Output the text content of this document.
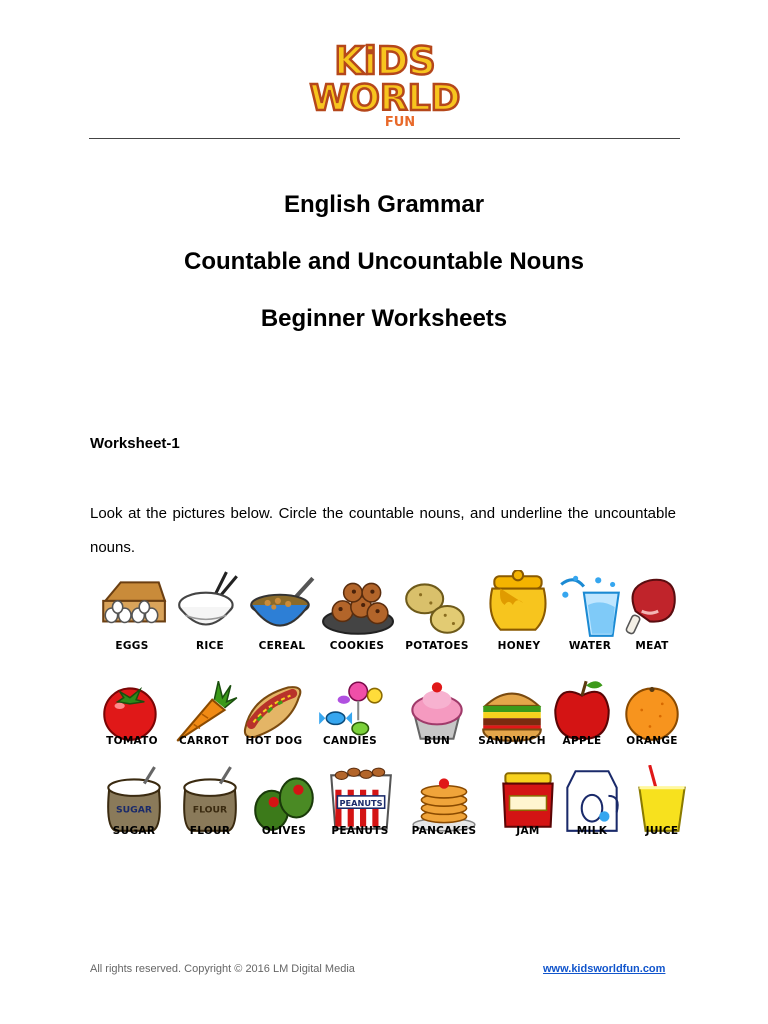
KiDS
WORLD
FUN
English Grammar
Countable and Uncountable Nouns
Beginner Worksheets
Worksheet-1
Look at the pictures below. Circle the countable nouns, and underline the uncountable nouns.
EGGS	RICE	CEREAL	COOKIES	POTATOES	HONEY	WATER	MEAT
TOMATO	CARROT	HOT DOG	CANDIES	BUN	SANDWICH	APPLE	ORANGE
SUGAR
SUGAR
FLOUR
FLOUR	OLIVES
PEANUTS
PEANUTS	PANCAKES	JAM	MILK	JUICE
All rights reserved. Copyright © 2016 LM Digital Media	www.kidsworldfun.com
